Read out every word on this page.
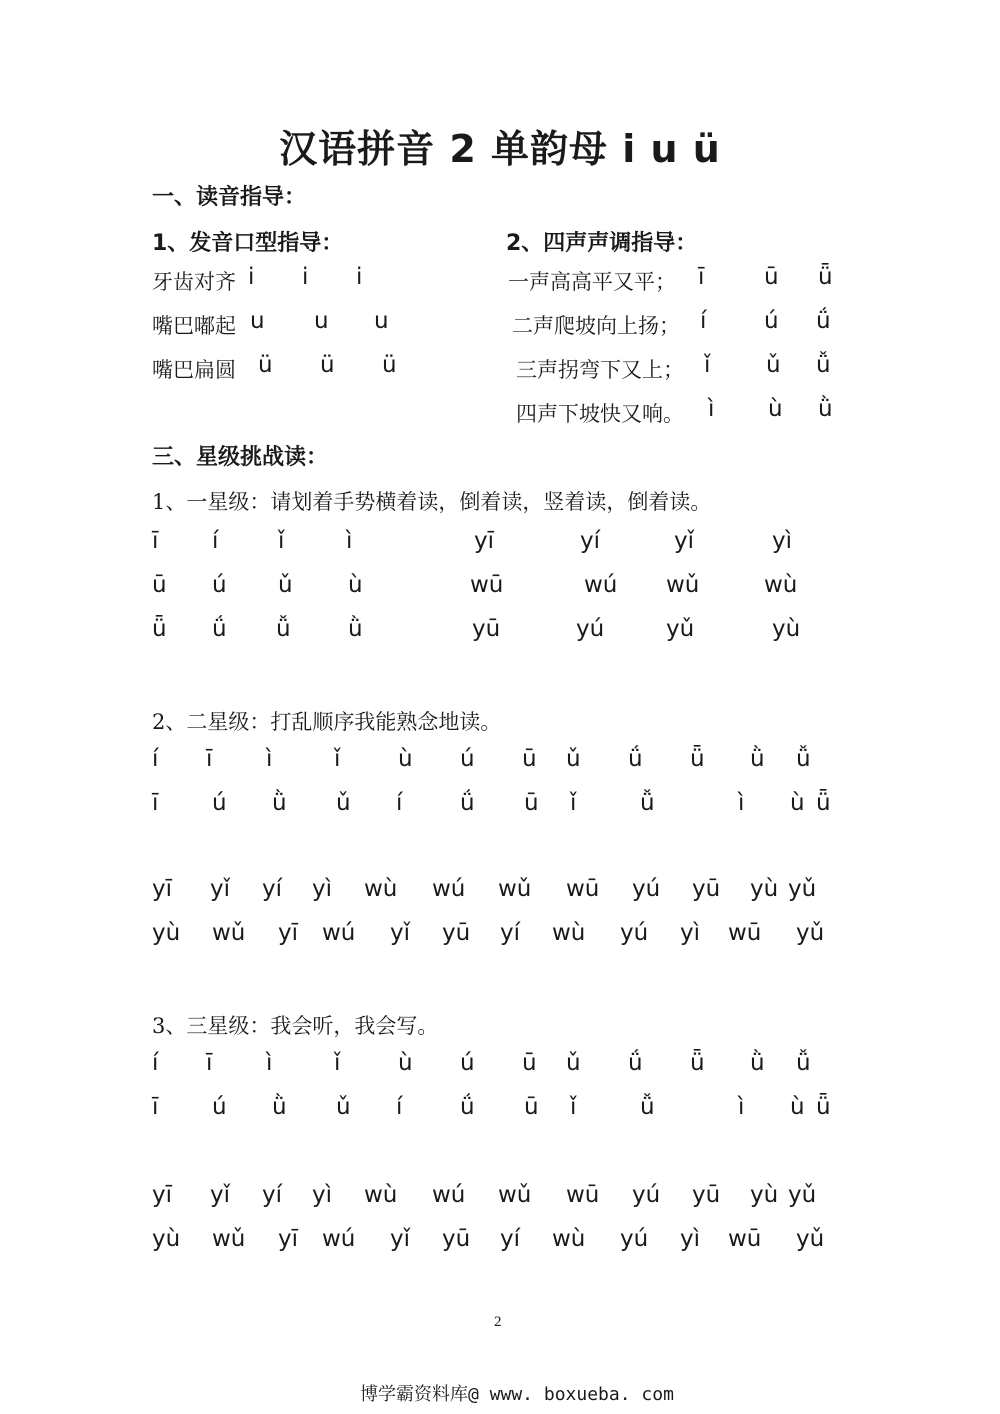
汉语拼音 2 单韵母 i u ü
一、读音指导：
1、发音口型指导：	2、四声声调指导：
牙齿对齐 i i i
嘴巴嘟起 u u u
嘴巴扁圆 ü ü ü
一声高高平又平； ī	ū ǖ
二声爬坡向上扬； í	ú ǘ
三声拐弯下又上； ǐ ǔ ǚ
四声下坡快又响。 ì ù ǜ
三、星级挑战读：
1、一星级：请划着手势横着读，倒着读，竖着读，倒着读。
ī í	ǐ	ì	yī	yí	yǐ	yì
ū ú ǔ ù	wū	wú wǔ	wù
ǖ ǘ ǚ ǜ	yū	yú	yǔ	yù
2、二星级：打乱顺序我能熟念地读。
í ī ì	ǐ	ù ú ū ǔ ǘ ǖ ǜ ǚ
ī ú ǜ ǔ í	ǘ ū ǐ	ǚ	ì ù ǖ
yī yǐ yí yì wù wú wǔ wū yú yū yù yǔ
yù wǔ yī wú yǐ yū yí wù yú yì wū yǔ
3、三星级：我会听，我会写。
í ī ì	ǐ	ù ú ū ǔ ǘ ǖ ǜ ǚ
ī ú ǜ ǔ í	ǘ ū ǐ	ǚ	ì ù ǖ
yī yǐ yí yì wù wú wǔ wū yú yū yù yǔ
yù wǔ yī wú yǐ yū yí wù yú yì wū yǔ
2
博学霸资料库@ www. boxueba. com
